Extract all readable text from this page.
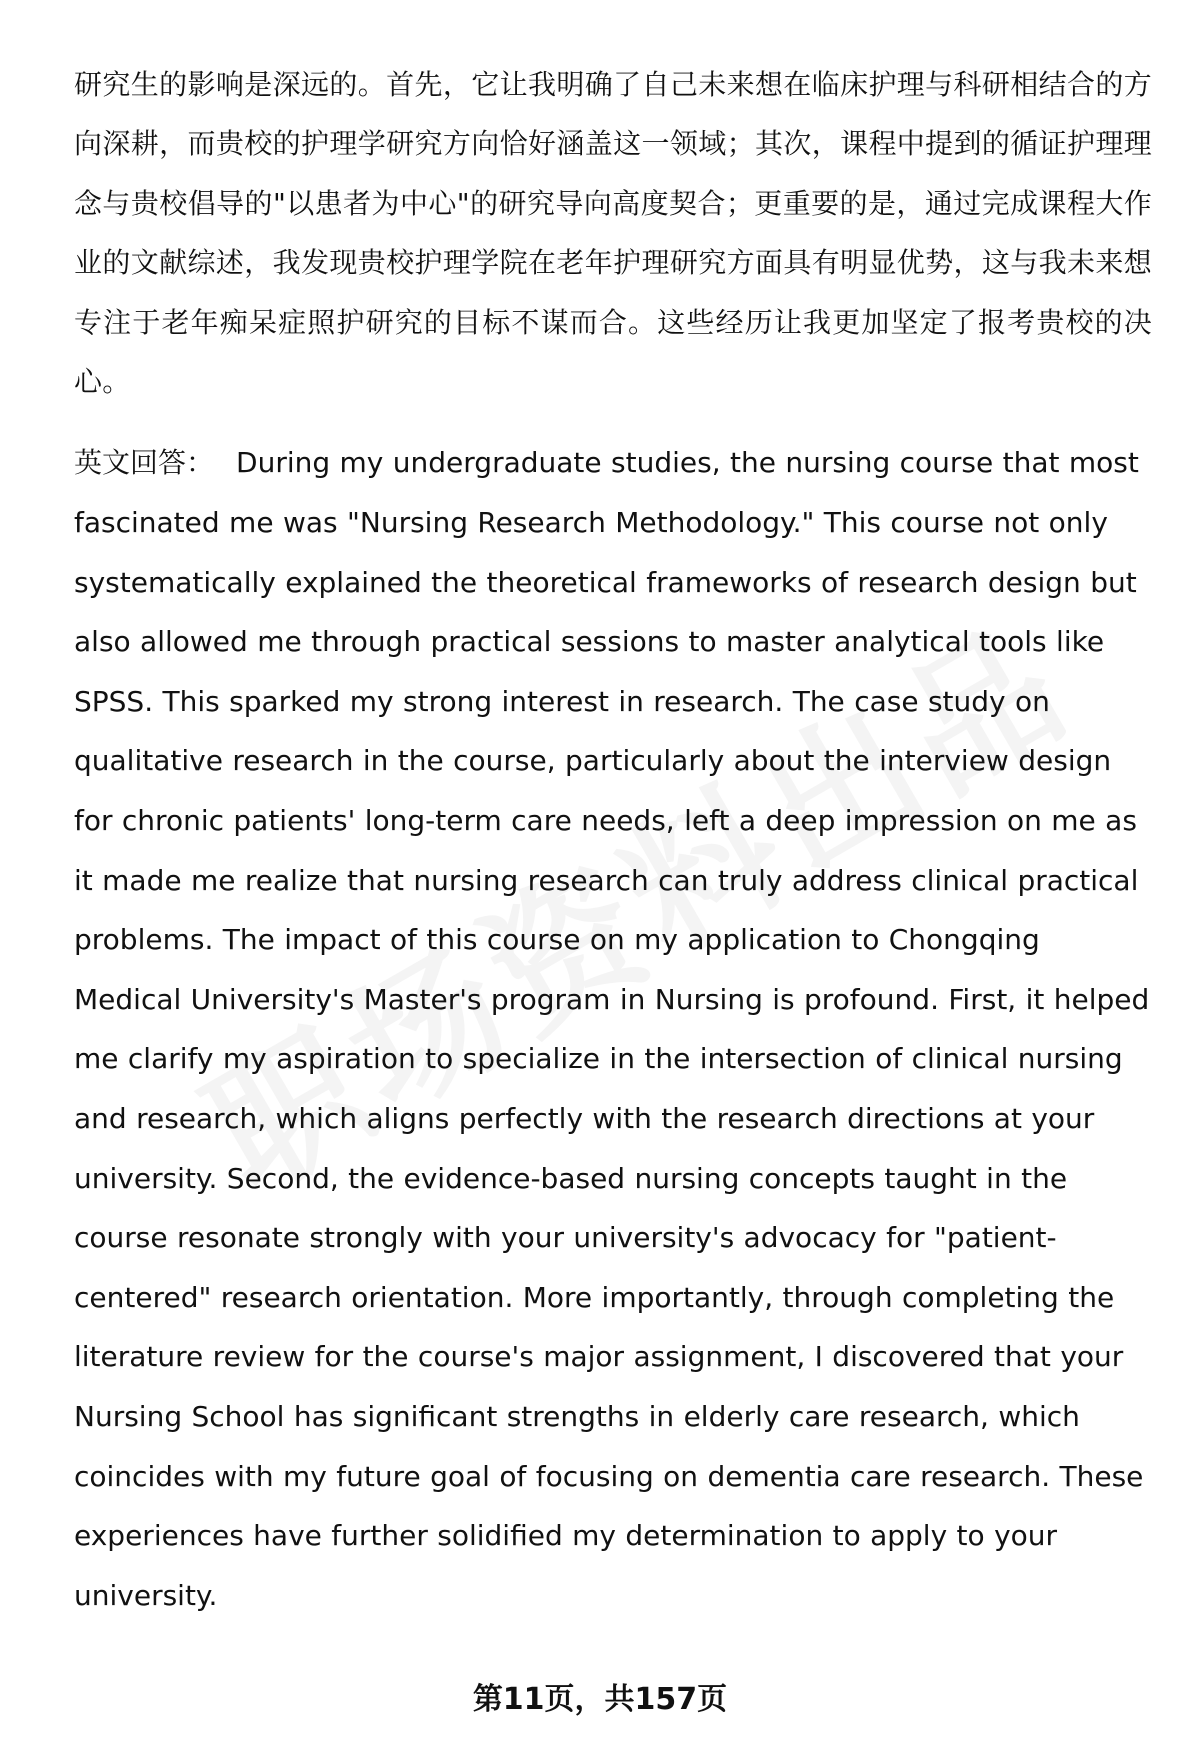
研究生的影响是深远的。首先，它让我明确了自己未来想在临床护理与科研相结合的方向深耕，而贵校的护理学研究方向恰好涵盖这一领域；其次，课程中提到的循证护理理念与贵校倡导的"以患者为中心"的研究导向高度契合；更重要的是，通过完成课程大作业的文献综述，我发现贵校护理学院在老年护理研究方面具有明显优势，这与我未来想专注于老年痴呆症照护研究的目标不谋而合。这些经历让我更加坚定了报考贵校的决心。

英文回答： During my undergraduate studies, the nursing course that most fascinated me was "Nursing Research Methodology." This course not only systematically explained the theoretical frameworks of research design but also allowed me through practical sessions to master analytical tools like SPSS. This sparked my strong interest in research. The case study on qualitative research in the course, particularly about the interview design for chronic patients' long-term care needs, left a deep impression on me as it made me realize that nursing research can truly address clinical practical problems. The impact of this course on my application to Chongqing Medical University's Master's program in Nursing is profound. First, it helped me clarify my aspiration to specialize in the intersection of clinical nursing and research, which aligns perfectly with the research directions at your university. Second, the evidence-based nursing concepts taught in the course resonate strongly with your university's advocacy for "patient-centered" research orientation. More importantly, through completing the literature review for the course's major assignment, I discovered that your Nursing School has significant strengths in elderly care research, which coincides with my future goal of focusing on dementia care research. These experiences have further solidified my determination to apply to your university.

第11页，共157页
